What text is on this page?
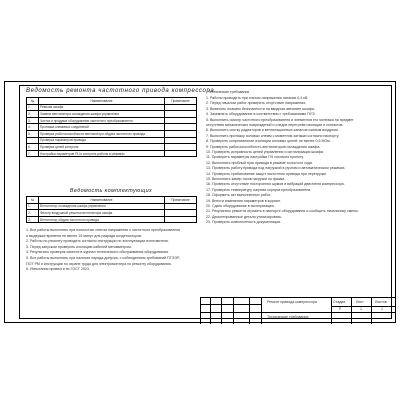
Ведомость ремонта частотного привода компрессора
№	Наименование	Примечание
1.	Ревизия шкафа	
2.	Замена вентилятора охлаждения шкафа управления	
3.	Чистка и продувка оборудования частотного преобразователя	
4.	Протяжка клеммных соединений	
5.	Проверка работоспособности вентилятора обдува частотного привода	
	Проверка параметров привода	
6.	Проверка цепей контроля	
7.	Настройка параметров ПЧ и контроль работы в режимах	
Ведомость комплектующих
№	Наименование	Примечание
1.	Вентилятор охлаждения шкафа управления	
2.	Фильтр воздушный решетки вентилятора шкафа	
3.	Вентилятор обдува частотного привода	
1. Все работы выполнять при полностью снятом напряжении с частотного преобразователя
и выдержке времени не менее 15 минут для разряда конденсаторов.
2. Работы по ремонту проводить согласно инструкции по эксплуатации изготовителя.
3. Перед запуском проверить изоляцию кабелей мегомметром.
4. Результаты проверок занести в журнал технического обслуживания оборудования.
5. Все работы выполнять при наличии наряда-допуска, с соблюдением требований ПТЭЭП
ПОТ РМ и инструкции по охране труда для электромонтера по ремонту оборудования.
6. Испытания провести по ГОСТ 2023.
Технические требования
1. Работы проводить при снятом напряжении питания 0,4 кВ.
2. Перед началом работ проверить отсутствие напряжения.
3. Вывесить плакаты безопасности на вводном автомате шкафа.
4. Заземлить оборудование в соответствии с требованиями ПУЭ.
5. Выполнить осмотр частотного преобразователя и элементов его монтажа на предмет
отсутствия механических повреждений и следов перегрева изоляции и контактов.
6. Выполнить чистку радиаторов и вентиляционных каналов сжатым воздухом.
7. Выполнить протяжку силовых клемм с моментом затяжки согласно паспорту.
8. Проверить сопротивление изоляции силовых цепей: не менее 0,5 МОм.
9. Проверить работоспособность вентиляторов охлаждения шкафа.
10. Проверить исправность цепей управления и сигнализации шкафа.
11. Проверить параметры настройки ПЧ согласно проекту.
12. Выполнить пробный пуск привода в режиме холостого хода.
13. Проверить работу привода под нагрузкой в ручном и автоматическом режимах.
14. Проверить срабатывание защит частотного привода при перегрузке.
15. Выполнить замер токов нагрузки по фазам.
16. Проверить отсутствие посторонних шумов и вибраций двигателя компрессора.
17. Проверить температуру нагрева корпуса преобразователя.
18. Оформить акт выполненных работ.
19. Внести изменения параметров в журнал.
20. Сдать оборудование в эксплуатацию.
21. Результаты ремонта отразить в паспорте оборудования и сообщить начальнику смены.
22. Демонтированные детали утилизировать.
23. Проверить комплектность документации.
Ремонт привода компрессора
Технические требования
Стадия	Лист	Листов
Р	1	1
